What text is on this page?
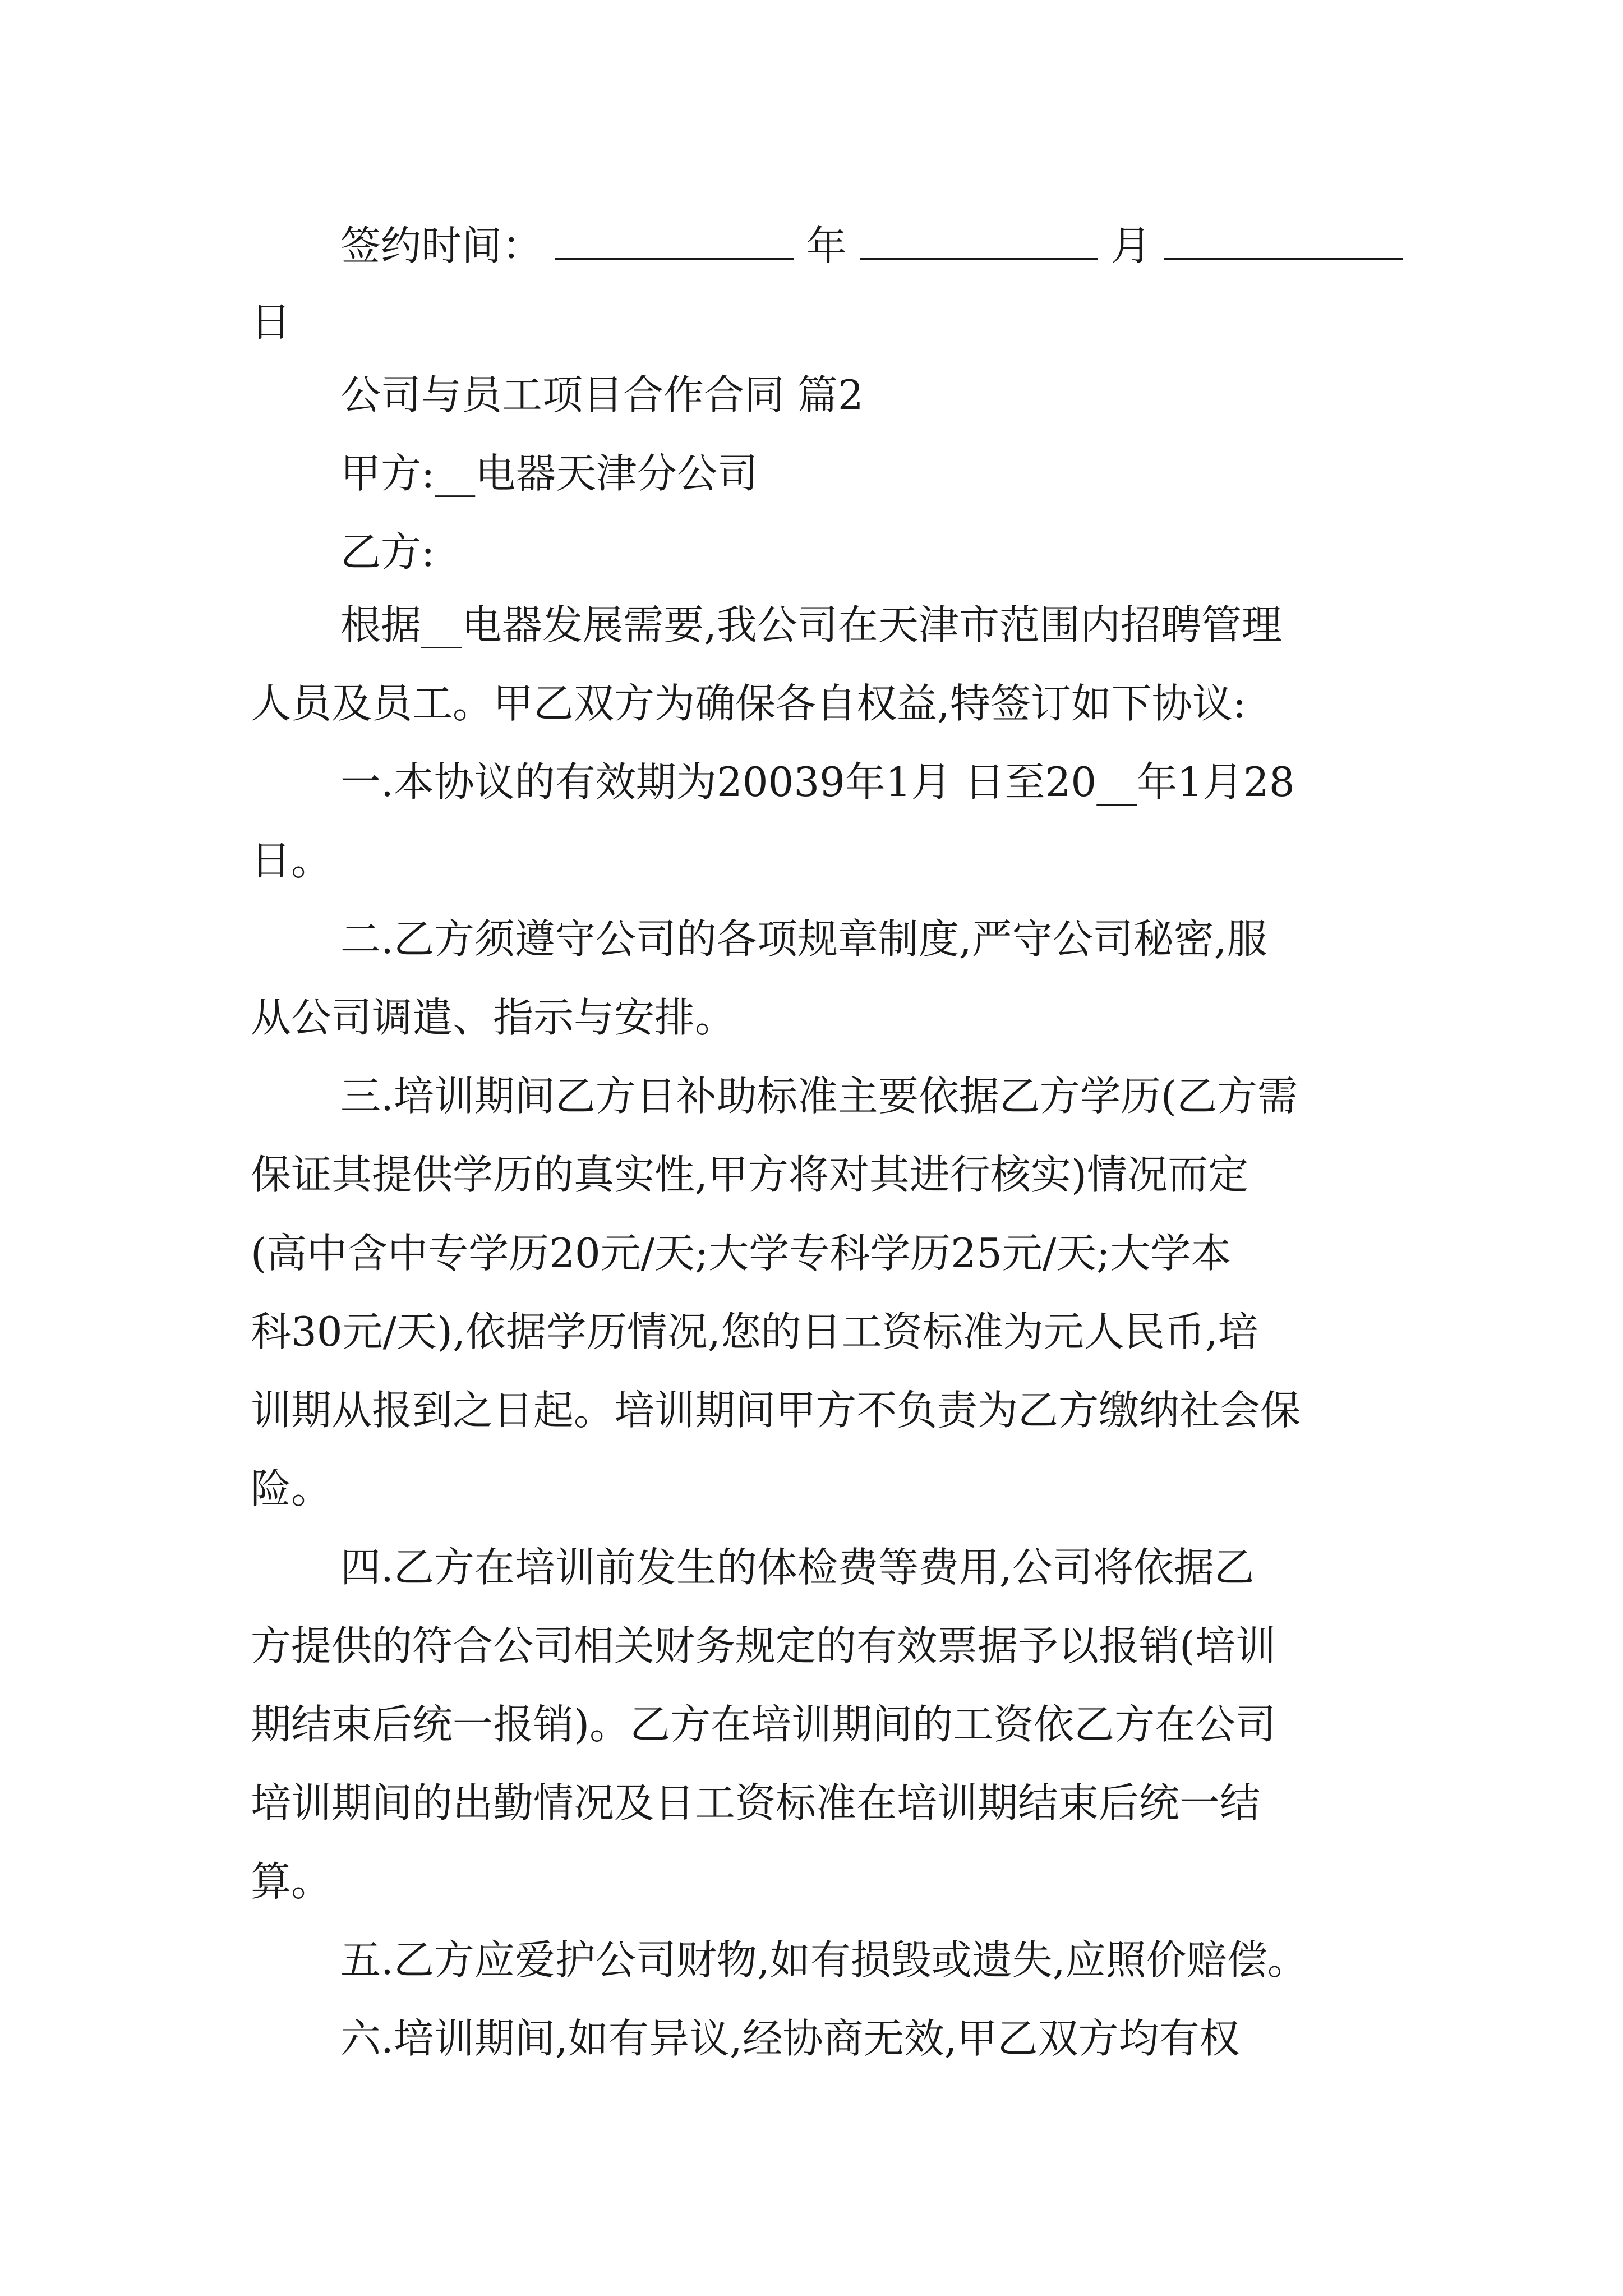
签约时间：	年	月
日
公司与员工项目合作合同 篇2
甲方:__电器天津分公司
乙方:
根据__电器发展需要,我公司在天津市范围内招聘管理
人员及员工。甲乙双方为确保各自权益,特签订如下协议:
一.本协议的有效期为20039年1月 日至20__年1月28
日。
二.乙方须遵守公司的各项规章制度,严守公司秘密,服
从公司调遣、指示与安排。
三.培训期间乙方日补助标准主要依据乙方学历(乙方需
保证其提供学历的真实性,甲方将对其进行核实)情况而定
(高中含中专学历20元/天;大学专科学历25元/天;大学本
科30元/天),依据学历情况,您的日工资标准为元人民币,培
训期从报到之日起。培训期间甲方不负责为乙方缴纳社会保
险。
四.乙方在培训前发生的体检费等费用,公司将依据乙
方提供的符合公司相关财务规定的有效票据予以报销(培训
期结束后统一报销)。乙方在培训期间的工资依乙方在公司
培训期间的出勤情况及日工资标准在培训期结束后统一结
算。
五.乙方应爱护公司财物,如有损毁或遗失,应照价赔偿。
六.培训期间,如有异议,经协商无效,甲乙双方均有权
